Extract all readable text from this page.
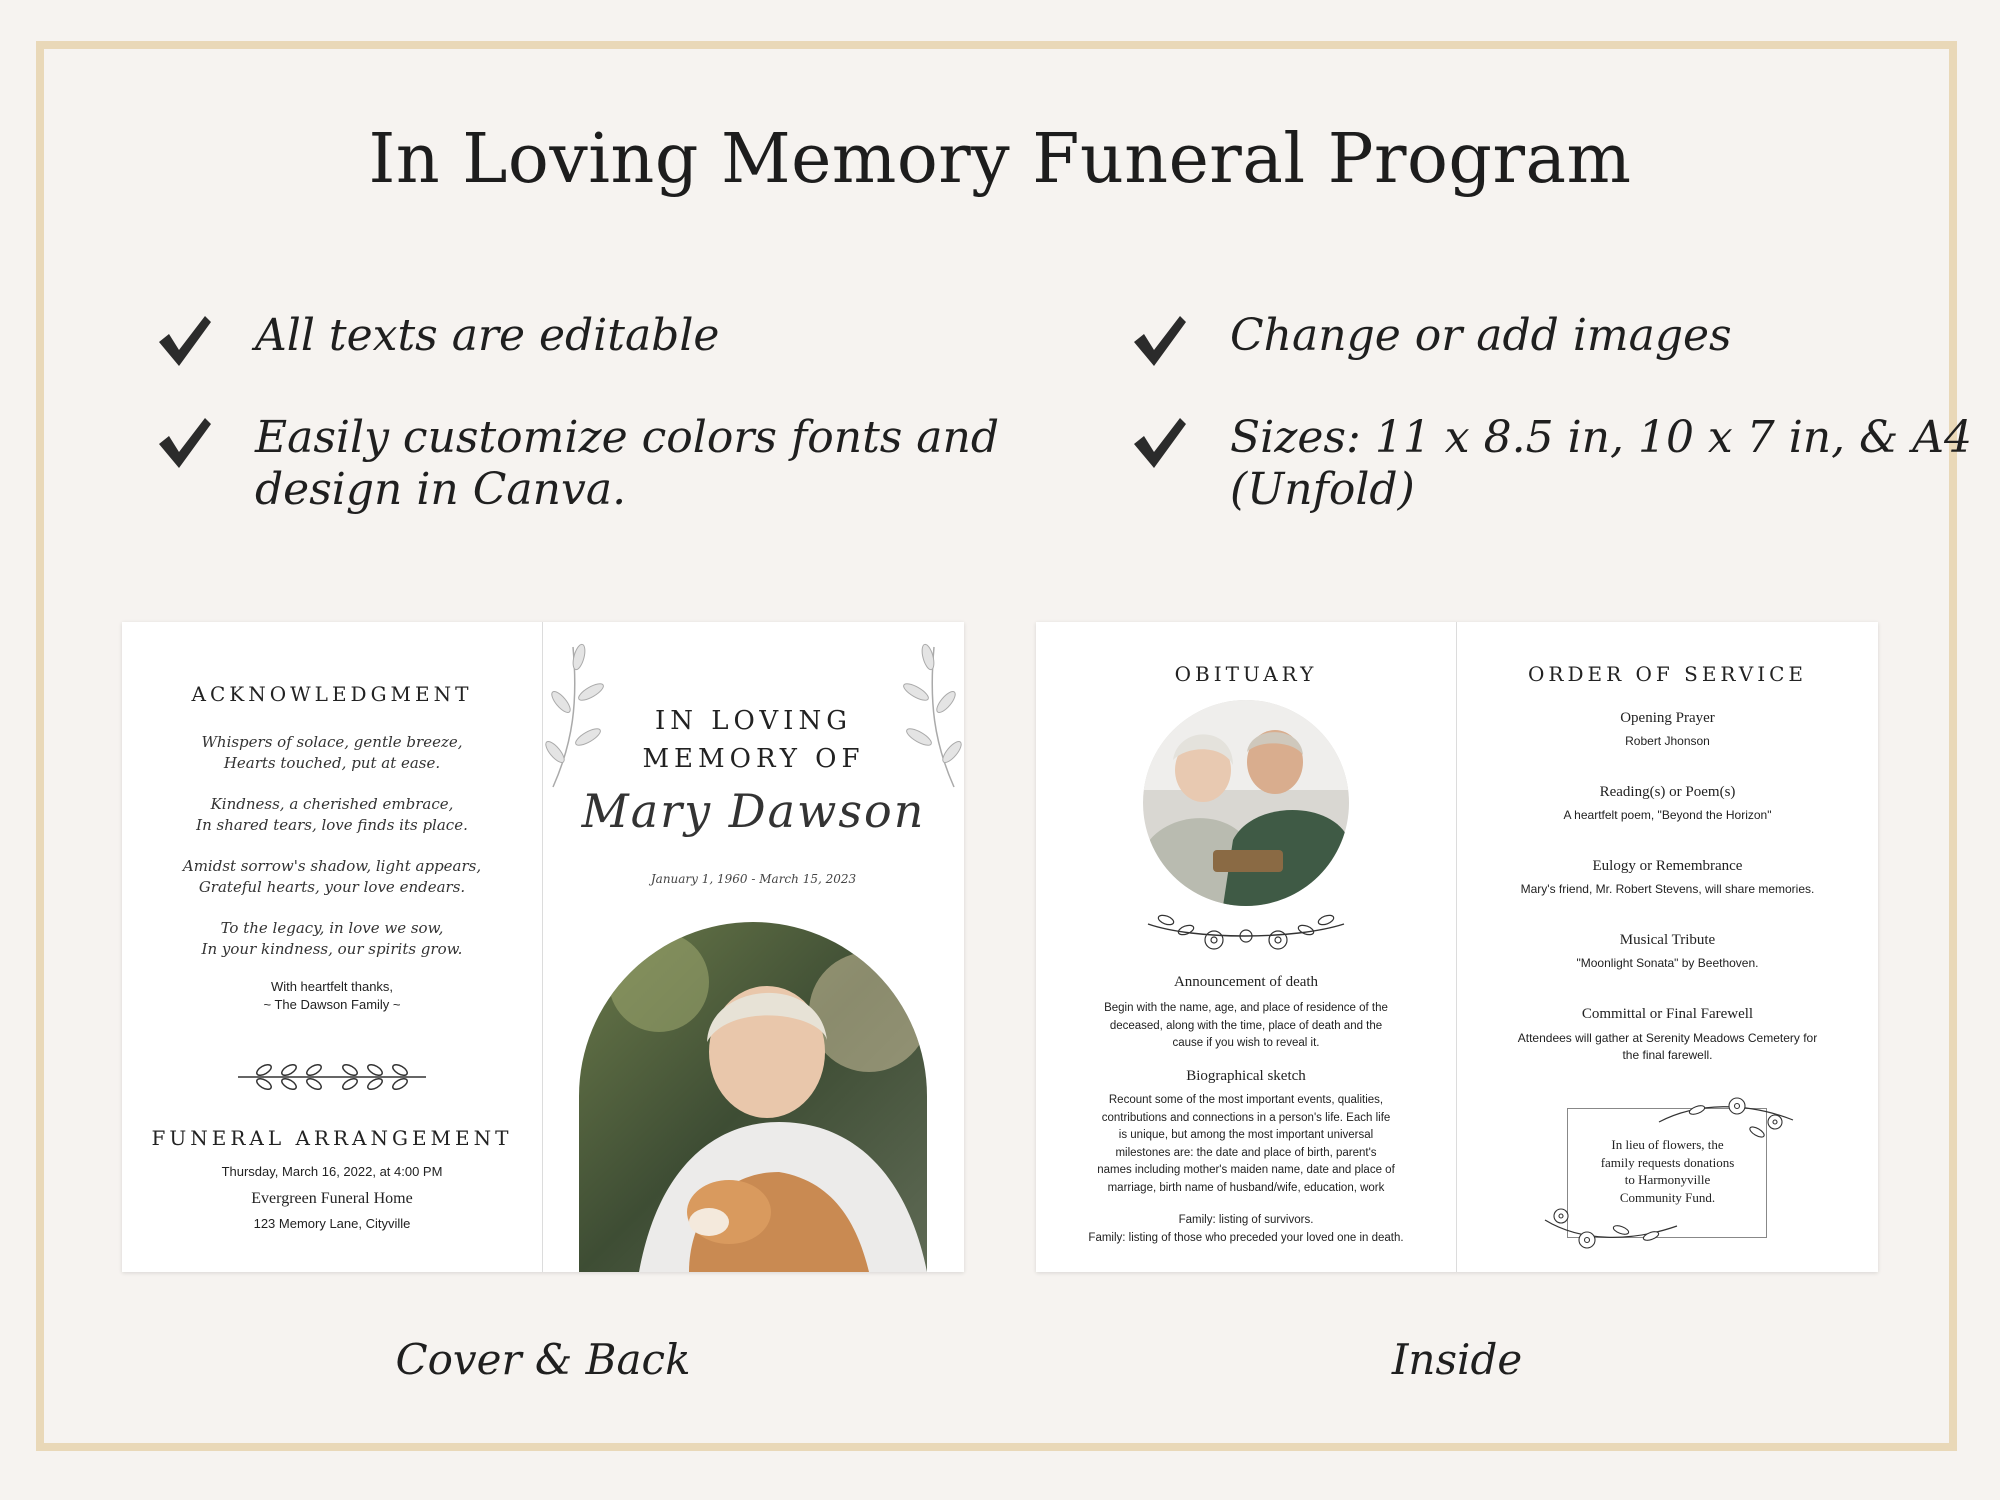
In Loving Memory Funeral Program
All texts are editable
Easily customize colors fonts and
design in Canva.
Change or add images
Sizes: 11 x 8.5 in, 10 x 7 in, & A4
(Unfold)
ACKNOWLEDGMENT
Whispers of solace, gentle breeze,
Hearts touched, put at ease.
Kindness, a cherished embrace,
In shared tears, love finds its place.
Amidst sorrow's shadow, light appears,
Grateful hearts, your love endears.
To the legacy, in love we sow,
In your kindness, our spirits grow.
With heartfelt thanks,
~ The Dawson Family ~
FUNERAL ARRANGEMENT
Thursday, March 16, 2022, at 4:00 PM
Evergreen Funeral Home
123 Memory Lane, Cityville
IN LOVING
MEMORY OF
Mary Dawson
January 1, 1960 - March 15, 2023
Cover & Back
OBITUARY
Announcement of death
Begin with the name, age, and place of residence of the
deceased, along with the time, place of death and the
cause if you wish to reveal it.
Biographical sketch
Recount some of the most important events, qualities,
contributions and connections in a person's life. Each life
is unique, but among the most important universal
milestones are: the date and place of birth, parent's
names including mother's maiden name, date and place of
marriage, birth name of husband/wife, education, work
Family: listing of survivors.
Family: listing of those who preceded your loved one in death.
ORDER OF SERVICE
Opening Prayer
Robert Jhonson
Reading(s) or Poem(s)
A heartfelt poem, "Beyond the Horizon"
Eulogy or Remembrance
Mary's friend, Mr. Robert Stevens, will share memories.
Musical Tribute
"Moonlight Sonata" by Beethoven.
Committal or Final Farewell
Attendees will gather at Serenity Meadows Cemetery for
the final farewell.
In lieu of flowers, the
family requests donations
to Harmonyville
Community Fund.
Inside
